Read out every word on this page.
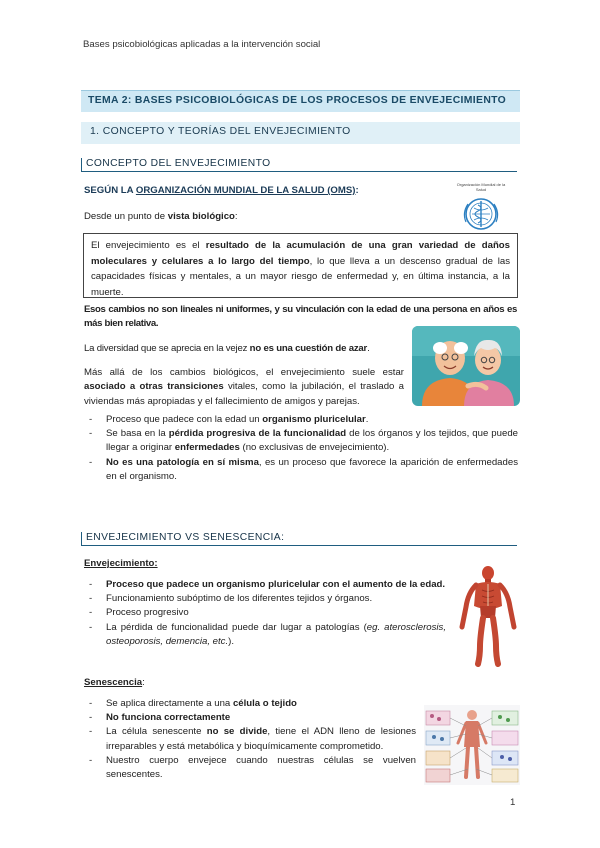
Bases psicobiológicas aplicadas a la intervención social
TEMA 2: BASES PSICOBIOLÓGICAS DE LOS PROCESOS DE ENVEJECIMIENTO
1. CONCEPTO Y TEORÍAS DEL ENVEJECIMIENTO
CONCEPTO DEL ENVEJECIMIENTO
SEGÚN LA ORGANIZACIÓN MUNDIAL DE LA SALUD (OMS):
Organización Mundial de la Salud
Desde un punto de vista biológico:
El envejecimiento es el resultado de la acumulación de una gran variedad de daños moleculares y celulares a lo largo del tiempo, lo que lleva a un descenso gradual de las capacidades físicas y mentales, a un mayor riesgo de enfermedad y, en última instancia, a la muerte.
Esos cambios no son lineales ni uniformes, y su vinculación con la edad de una persona en años es más bien relativa.
La diversidad que se aprecia en la vejez no es una cuestión de azar.
Más allá de los cambios biológicos, el envejecimiento suele estar asociado a otras transiciones vitales, como la jubilación, el traslado a viviendas más apropiadas y el fallecimiento de amigos y parejas.
- Proceso que padece con la edad un organismo pluricelular.
- Se basa en la pérdida progresiva de la funcionalidad de los órganos y los tejidos, que puede llegar a originar enfermedades (no exclusivas de envejecimiento).
- No es una patología en sí misma, es un proceso que favorece la aparición de enfermedades en el organismo.
ENVEJECIMIENTO VS SENESCENCIA:
Envejecimiento:
- Proceso que padece un organismo pluricelular con el aumento de la edad.
- Funcionamiento subóptimo de los diferentes tejidos y órganos.
- Proceso progresivo
- La pérdida de funcionalidad puede dar lugar a patologías (eg. aterosclerosis, osteoporosis, demencia, etc.).
Senescencia:
- Se aplica directamente a una célula o tejido
- No funciona correctamente
- La célula senescente no se divide, tiene el ADN lleno de lesiones irreparables y está metabólica y bioquímicamente comprometido.
- Nuestro cuerpo envejece cuando nuestras células se vuelven senescentes.
1
